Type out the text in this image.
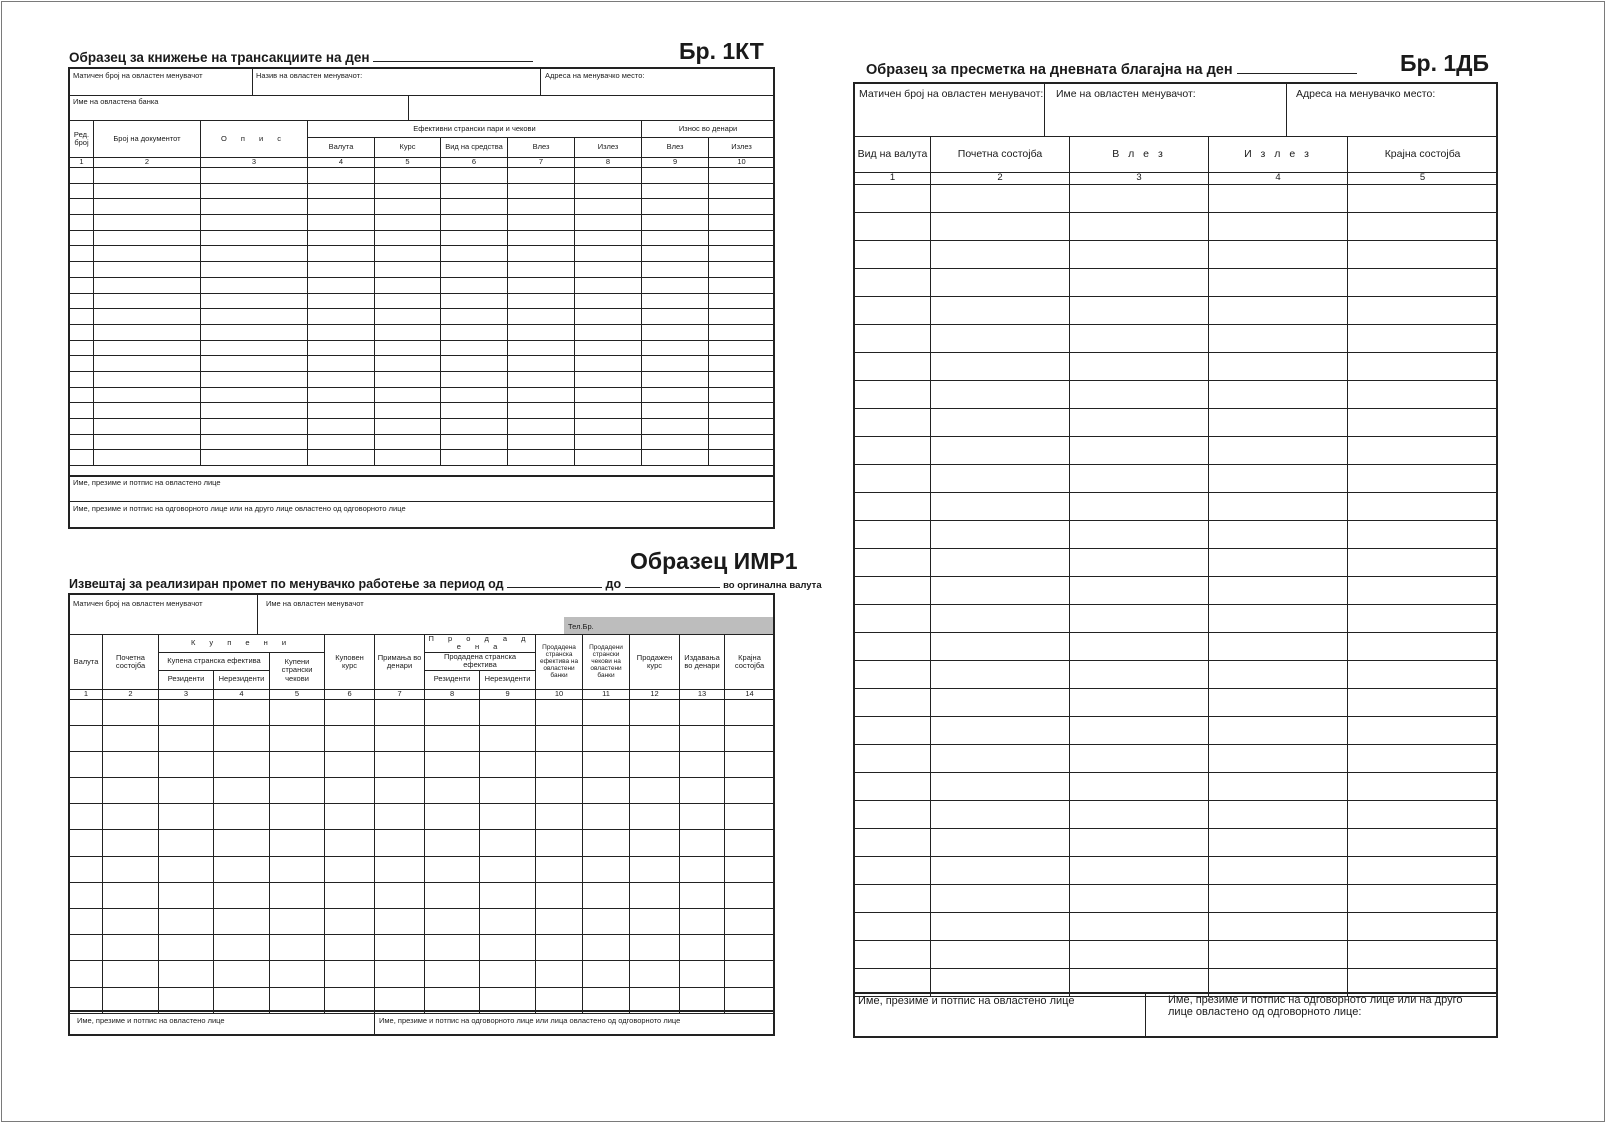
Образец за книжење на трансакциите на ден	Бр. 1КТ
Матичен број на овластен менувачот	Назив на овластен менувачот:	Адреса на менувачко место:
Име на овластена банка
Ред. број	Број на документот	О п и с	Ефективни странски пари и чекови					Износ во денари	
			Валута	Курс	Вид на средства	Влез	Излез	Влез	Излез
1	2	3	4	5	6	7	8	9	10

Име, презиме и потпис на овластено лице
Име, презиме и потпис на одговорното лице или на друго лице овластено од одговорното лице
Образец ИМР1
Извештај за реализиран промет по менувачко работење за период од	до	во оргинална валута
Матичен број на овластен менувачот	Име на овластен менувачот
Тел.Бр.
Валута	Почетна состојба	К у п е н и			Куповен курс	Примања во денари	П р о д а д е н а		Продадена странска ефектива на овластени банки	Продадени странски чекови на овластени банки	Продажен курс	Издавања во денари	Крајна состојба
		Купена странска ефектива		Купени странски чекови			Продадена странска ефектива						
		Резиденти	Нерезиденти				Резиденти	Нерезиденти					
1	2	3	4	5	6	7	8	9	10	11	12	13	14

Име, презиме и потпис на овластено лице	Име, презиме и потпис на одговорното лице или лица овластено од одговорното лице
Образец за пресметка на дневната благајна на ден	Бр. 1ДБ
Матичен број на овластен менувачот: Име на овластен менувачот:	Адреса на менувачко место:
Вид на валута	Почетна состојба	В л е з	И з л е з	Крајна состојба
1	2	3	4	5

Име, презиме и потпис на овластено лице	Име, презиме и потпис на одговорното лице или на друго лице овластено од одговорното лице:
